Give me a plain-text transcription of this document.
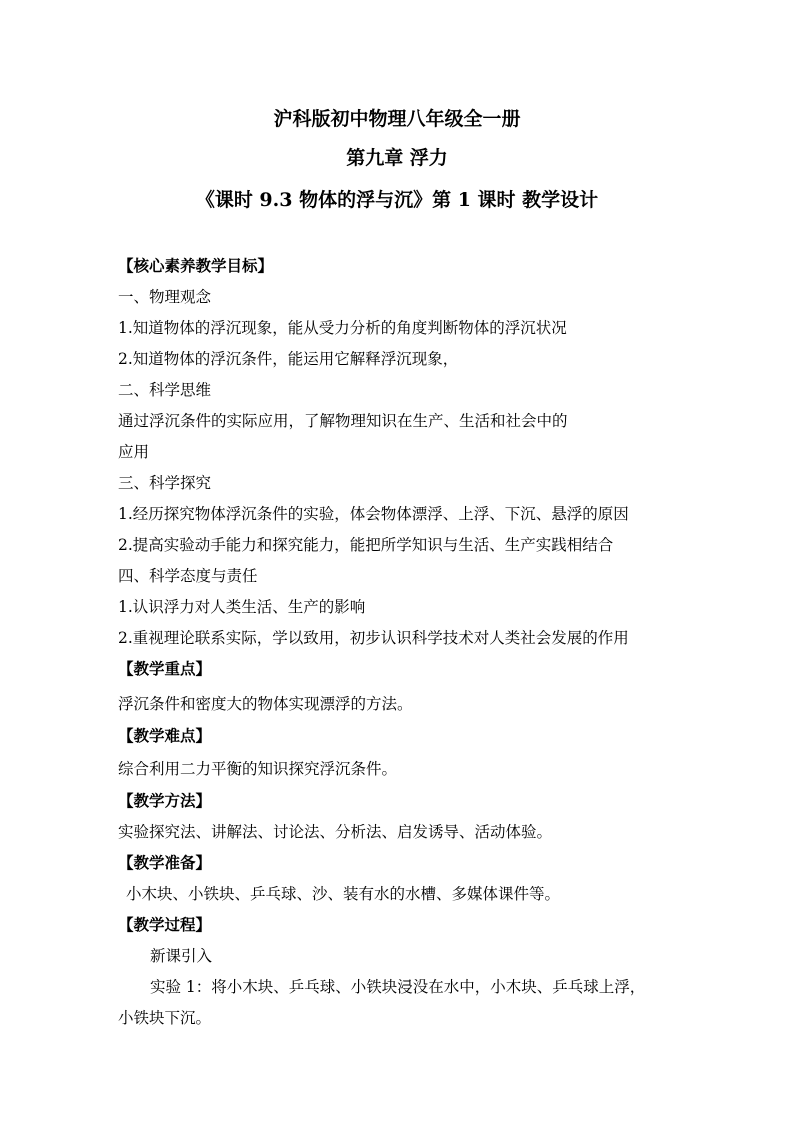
沪科版初中物理八年级全一册
第九章 浮力
《课时 9.3 物体的浮与沉》第 1 课时 教学设计
【核心素养教学目标】
一、物理观念
1.知道物体的浮沉现象，能从受力分析的角度判断物体的浮沉状况
2.知道物体的浮沉条件，能运用它解释浮沉现象，
二、科学思维
通过浮沉条件的实际应用，了解物理知识在生产、生活和社会中的
应用
三、科学探究
1.经历探究物体浮沉条件的实验，体会物体漂浮、上浮、下沉、悬浮的原因
2.提高实验动手能力和探究能力，能把所学知识与生活、生产实践相结合
四、科学态度与责任
1.认识浮力对人类生活、生产的影响
2.重视理论联系实际，学以致用，初步认识科学技术对人类社会发展的作用
【教学重点】
浮沉条件和密度大的物体实现漂浮的方法。
【教学难点】
综合利用二力平衡的知识探究浮沉条件。
【教学方法】
实验探究法、讲解法、讨论法、分析法、启发诱导、活动体验。
【教学准备】
小木块、小铁块、乒乓球、沙、装有水的水槽、多媒体课件等。
【教学过程】
新课引入
实验 1：将小木块、乒乓球、小铁块浸没在水中，小木块、乒乓球上浮，
小铁块下沉。
